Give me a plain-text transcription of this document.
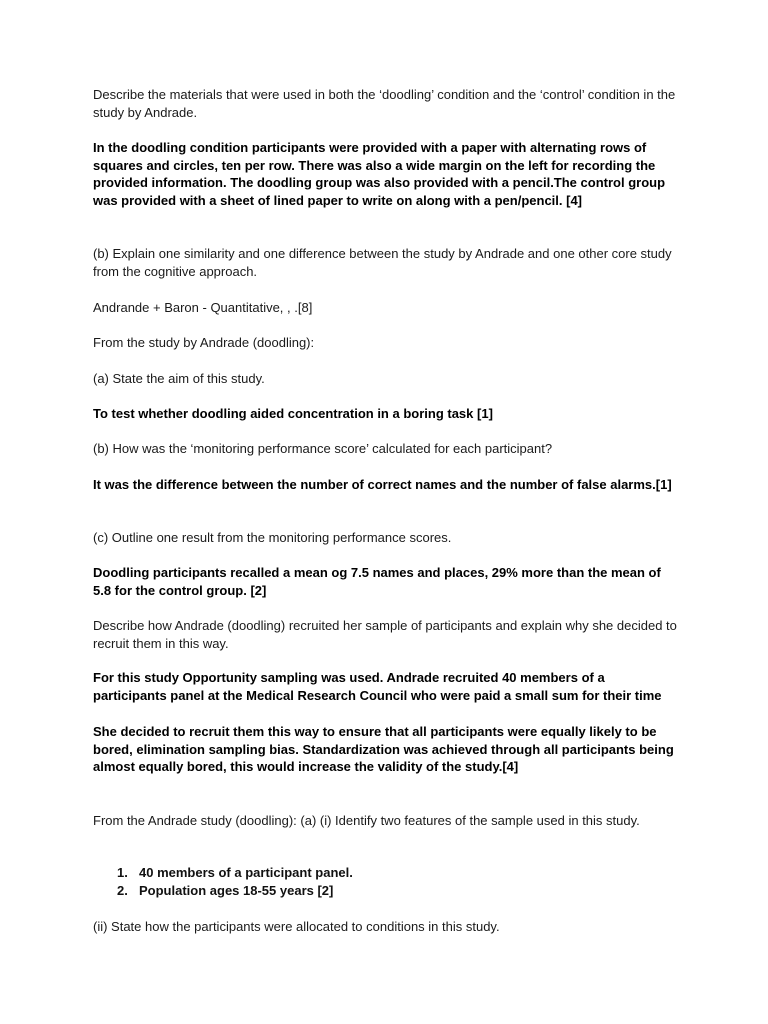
Describe the materials that were used in both the ‘doodling’ condition and the ‘control’ condition in the study by Andrade.

In the doodling condition participants were provided with a paper with alternating rows of squares and circles, ten per row. There was also a wide margin on the left for recording the provided information. The doodling group was also provided with a pencil.The control group was provided with a sheet of lined paper to write on along with a pen/pencil. [4]

(b) Explain one similarity and one difference between the study by Andrade and one other core study from the cognitive approach.

Andrande + Baron - Quantitative, , .[8]

From the study by Andrade (doodling):

(a) State the aim of this study.

To test whether doodling aided concentration in a boring task [1]

(b) How was the ‘monitoring performance score’ calculated for each participant?

It was the difference between the number of correct names and the number of false alarms.[1]

(c) Outline one result from the monitoring performance scores.

Doodling participants recalled a mean og 7.5 names and places, 29% more than the mean of 5.8 for the control group. [2]

Describe how Andrade (doodling) recruited her sample of participants and explain why she decided to recruit them in this way.

For this study Opportunity sampling was used. Andrade recruited 40 members of a participants panel at the Medical Research Council who were paid a small sum for their time

She decided to recruit them this way to ensure that all participants were equally likely to be bored, elimination sampling bias. Standardization was achieved through all participants being almost equally bored, this would increase the validity of the study.[4]

From the Andrade study (doodling): (a) (i) Identify two features of the sample used in this study.

1. 40 members of a participant panel.
2. Population ages 18-55 years [2]

(ii) State how the participants were allocated to conditions in this study.
